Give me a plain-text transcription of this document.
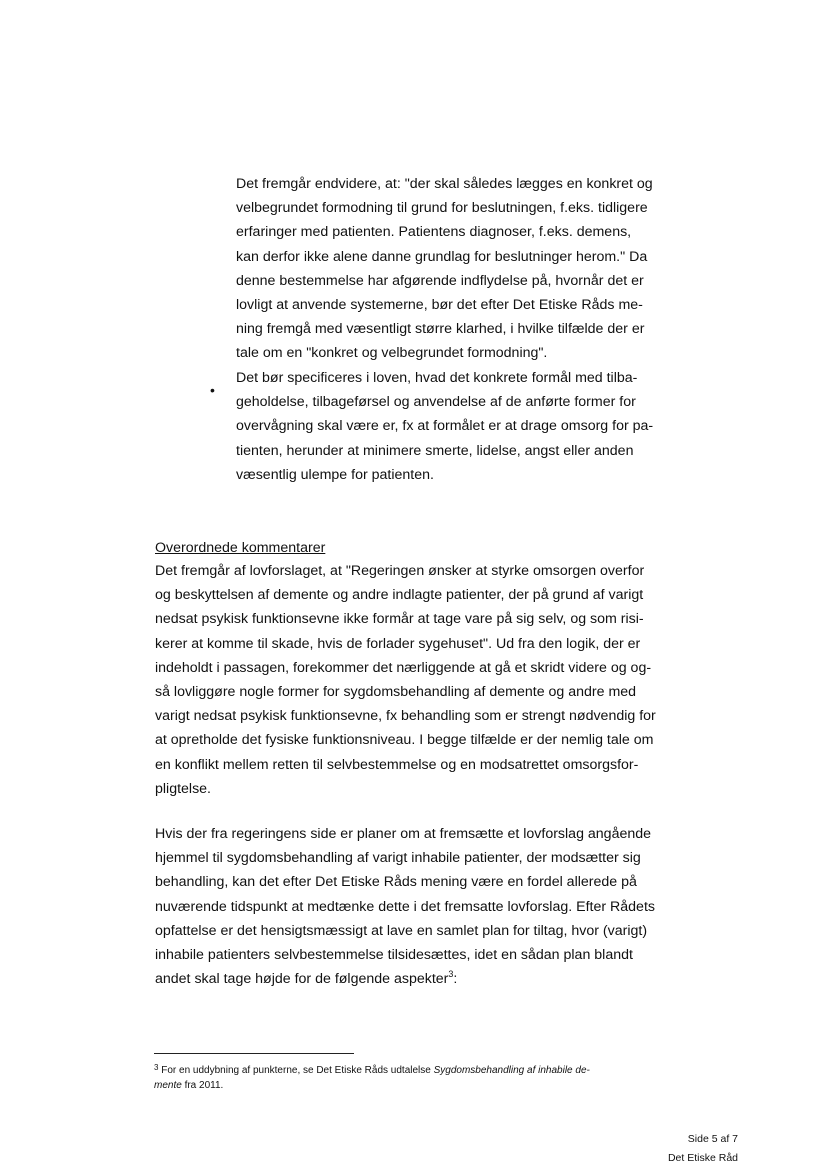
Det fremgår endvidere, at: "der skal således lægges en konkret og
velbegrundet formodning til grund for beslutningen, f.eks. tidligere
erfaringer med patienten. Patientens diagnoser, f.eks. demens,
kan derfor ikke alene danne grundlag for beslutninger herom." Da
denne bestemmelse har afgørende indflydelse på, hvornår det er
lovligt at anvende systemerne, bør det efter Det Etiske Råds me-
ning fremgå med væsentligt større klarhed, i hvilke tilfælde der er
tale om en "konkret og velbegrundet formodning".
•
Det bør specificeres i loven, hvad det konkrete formål med tilba-
geholdelse, tilbageførsel og anvendelse af de anførte former for
overvågning skal være er, fx at formålet er at drage omsorg for pa-
tienten, herunder at minimere smerte, lidelse, angst eller anden
væsentlig ulempe for patienten.
Overordnede kommentarer
Det fremgår af lovforslaget, at "Regeringen ønsker at styrke omsorgen overfor
og beskyttelsen af demente og andre indlagte patienter, der på grund af varigt
nedsat psykisk funktionsevne ikke formår at tage vare på sig selv, og som risi-
kerer at komme til skade, hvis de forlader sygehuset". Ud fra den logik, der er
indeholdt i passagen, forekommer det nærliggende at gå et skridt videre og og-
så lovliggøre nogle former for sygdomsbehandling af demente og andre med
varigt nedsat psykisk funktionsevne, fx behandling som er strengt nødvendig for
at opretholde det fysiske funktionsniveau. I begge tilfælde er der nemlig tale om
en konflikt mellem retten til selvbestemmelse og en modsatrettet omsorgsfor-
pligtelse.
Hvis der fra regeringens side er planer om at fremsætte et lovforslag angående
hjemmel til sygdomsbehandling af varigt inhabile patienter, der modsætter sig
behandling, kan det efter Det Etiske Råds mening være en fordel allerede på
nuværende tidspunkt at medtænke dette i det fremsatte lovforslag. Efter Rådets
opfattelse er det hensigtsmæssigt at lave en samlet plan for tiltag, hvor (varigt)
inhabile patienters selvbestemmelse tilsidesættes, idet en sådan plan blandt
andet skal tage højde for de følgende aspekter$^3$:
$^3$ For en uddybning af punkterne, se Det Etiske Råds udtalelse Sygdomsbehandling af inhabile de-
mente fra 2011.
Side 5 af 7
Det Etiske Råd
